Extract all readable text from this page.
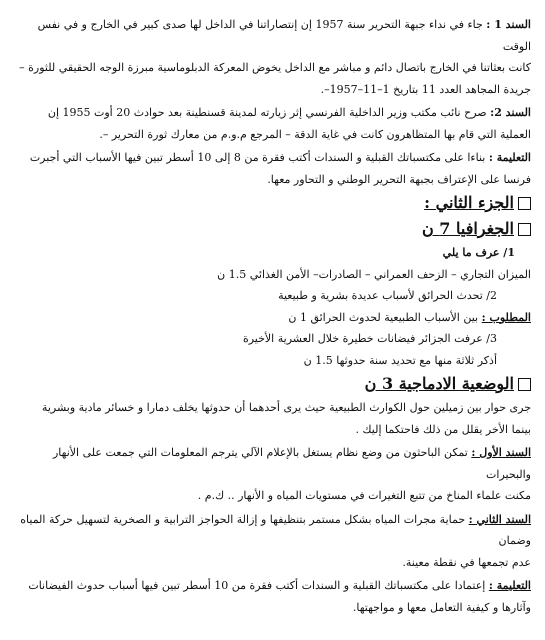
السند 1 : جاء في نداء جبهة التحرير سنة 1957 إن إنتصاراتنا في الداخل لها صدى كبير في الخارج و في نفس الوقت

كانت بعثاتنا في الخارج باتصال دائم و مباشر مع الداخل يخوض المعركة الدبلوماسية مبرزة الوجه الحقيقي للثورة –

جريدة المجاهد العدد 11 بتاريخ 1–11–1957–.

السند 2: صرح نائب مكتب وزير الداخلية الفرنسي إثر زيارته لمدينة قسنطينة بعد حوادث 20 أوت 1955 إن

العملية التي قام بها المتظاهرون كانت في غاية الدقة – المرجع م.و.م من معارك ثورة التحرير –.

التعليمة : بناءا على مكتسباتك القبلية و السندات أكتب فقرة من 8 إلى 10 أسطر تبين فيها الأسباب التي أجبرت

فرنسا على الإعتراف بجبهة التحرير الوطني و التحاور معها.

الجزء الثاني :
الجغرافيا 7 ن

1/ عرف ما يلي

الميزان التجاري – الزحف العمراني – الصادرات– الأمن الغذائي 1.5 ن

2/ تحدث الحرائق لأسباب عديدة بشرية و طبيعية

المطلوب : بين الأسباب الطبيعية لحدوث الحرائق 1 ن

3/ عرفت الجزائر فيضانات خطيرة خلال العشرية الأخيرة

أذكر ثلاثة منها مع تحديد سنة حدوثها 1.5 ن

الوضعية الادماجية 3 ن

جرى حوار بين زميلين حول الكوارث الطبيعية حيث يرى أحدهما أن حدوثها يخلف دمارا و خسائر مادية وبشرية

بينما الأخر يقلل من ذلك فاحتكما إليك .

السند الأول : تمكن الباحثون من وضع نظام يستغل بالإعلام الآلي يترجم المعلومات التي جمعت على الأنهار والبحيرات

مكنت علماء المناخ من تتبع التغيرات في مستويات المياه و الأنهار .. ك.م .

السند الثاني : حماية مجرات المياه بشكل مستمر بتنظيفها و إزالة الحواجز الترابية و الصخرية لتسهيل حركة المياه وضمان

عدم تجمعها في نقطة معينة.

التعليمة : إعتمادا على مكتسباتك القبلية و السندات أكتب فقرة من 10 أسطر تبين فيها أسباب حدوث الفيضانات

وآثارها و كيفية التعامل معها و مواجهتها.
